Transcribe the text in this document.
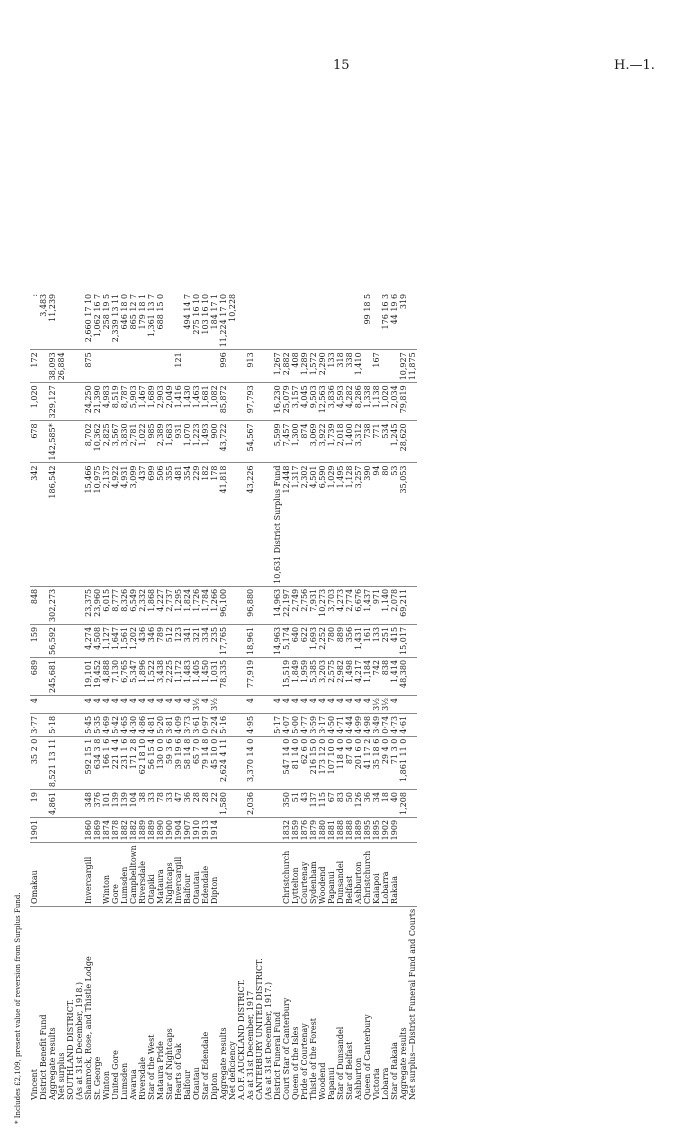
15	H.—1.
Vincent	Omakau	1901	19	35 2 0	3·77	4	689	159	848	342	678	1,020	172	:
District Benefit Fund														3,483
Aggregate results			4,861	8,521 13 11	5·18		245,681	56,592	302,273	186,542	142,585*	329,127	38,093	11,239
Net surplus													26,884	
SOUTHLAND DISTRICT.														
(As at 31st December, 1918.)														
Shamrock, Rose, and Thistle Lodge	Invercargill	1860	348	592 15 1	5·45	4	19,101	4,274	23,375	15,466	8,702	24,250	875	2,660 17 10
St. George		1869	376	634 3 8	5·35	4	19,452	4,508	23,960	10,975	10,362	21,390		1,062 16 7
Winton	Winton	1874	101	166 1 6	4·69	4	4,888	1,127	6,015	2,137	2,825	4,983		258 19 5
United Gore	Gore	1878	139	221 4 4	5·42	4	7,130	1,647	8,777	4,922	3,567	8,519		2,339 13 11
Lumsden	Lumsden	1882	139	231 1 6	4·65	4	6,765	1,561	8,326	4,931	3,830	8,787		646 18 0
Awarua	Campbelltown	1882	104	171 2 8	4·30	4	5,347	1,202	6,549	3,099	2,781	5,903		865 12 7
Riversdale	Riversdale	1889	38	62 18 10	4·86	4	1,896	436	2,332	437	1,022	1,467		179 18 1
Star of the West	Otapiki	1889	33	56 15 4	4·81	4	1,522	346	1,868	699	985	1,689		1,361 13 7
Mataura Pride	Mataura	1890	78	130 0 0	5·20	4	3,438	789	4,227	506	2,389	2,903		688 15 0
Star of Nightcaps	Nightcaps	1900	33	59 3 6	3·81	4	2,225	512	2,737	355	1,683	2,049		
Hearts of Oak	Invercargill	1904	47	39 19 6	4·09	4	1,172	123	1,295	481	931	1,416	121	
Balfour	Balfour	1907	36	58 14 8	3·73	4	1,483	341	1,824	354	1,070	1,430		494 14 7
Otautau	Otautau	1910	28	65 7 0	3·61	3½	1,405	321	1,726	229	1,223	1,463		275 16 10
Star of Edendale	Edendale	1913	28	79 14 8	0·97	4	1,450	334	1,784	182	1,493	1,681		103 16 10
Dipton	Dipton	1914	22	45 10 0	2·24	3½	1,031	235	1,266	178	900	1,082		184 17 1
Aggregate results			1,580	2,624 4 11	5·16		78,335	17,765	96,100	41,818	43,722	85,872	996	11,224 17 10
Net deficiency														10,228
A.O.F. AUCKLAND DISTRICT.														
As at 31st December, 1917			2,036	3,370 14 0	4·95	4	77,919	18,961	96,880	43,226	54,567	97,793	913	
CANTERBURY UNITED DISTRICT.														
(As at 31st December, 1917.)														
District Funeral Fund					5·17	4		14,963	14,963	10,631 District Surplus Fund	5,599	16,230	1,267	
Court Star of Canterbury	Christchurch	1832	350	547 14 0	4·07	4	15,519	5,174	22,197	12,448	7,457	25,079	2,882	
Queen of the Isles	Lyttelton	1859	51	81 14 0	5·00	4	1,849	640	2,749	1,317	1,300	3,157	408	
Pride of Courtenay	Courtenay	1876	43	62 6 0	4·77	4	1,959	622	2,756	2,302	874	4,045	1,289	
Thistle of the Forest	Sydenham	1879	137	216 15 0	3·59	4	5,385	1,693	7,931	4,501	3,069	9,503	1,572	
Woodend	Woodend	1880	115	173 12 0	3·17	4	3,203	2,252	10,273	6,590	3,922	12,563	2,290	
Papanui	Papanui	1881	67	107 10 0	4·50	4	2,575	780	3,703	1,029	1,739	3,836	133	
Star of Dunsandel	Dunsandel	1888	83	118 4 0	4·71	4	2,982	889	4,273	1,495	2,018	4,593	318	
Star of Belfast	Belfast	1888	50	87 4 0	4·44	4	1,498	356	2,774	1,128	1,400	4,282	338	
Ashburton	Ashburton	1889	126	201 6 0	4·99	4	4,217	1,431	6,676	3,257	3,312	8,286	1,410	
Queen of Canterbury	Christchurch	1895	36	41 17 2	4·98	4	1,184	161	1,437	390	738	1,338		99 18 5
Victoria	Kaiapoi	1895	34	35 18 6	3·49	3½	742	133	971	94	771	1,138	167	
Lobarra	Lobarra	1902	18	29 4 0	0·74	3½	838	251	1,140	80	534	1,020		176 16 3
Star of Rakaia	Rakaia	1909	40	71 3 0	4·73	4	1,414	415	2,078	53	1,245	2,034		44 19 6
Aggregate results			1,208	1,861 11 0	4·61		48,380	15,017	69,211	35,053	28,620	79,819	10,927	319
Net surplus—District Funeral Fund and Courts													11,875	
* Includes £2,109, present value of reversion from Surplus Fund.
